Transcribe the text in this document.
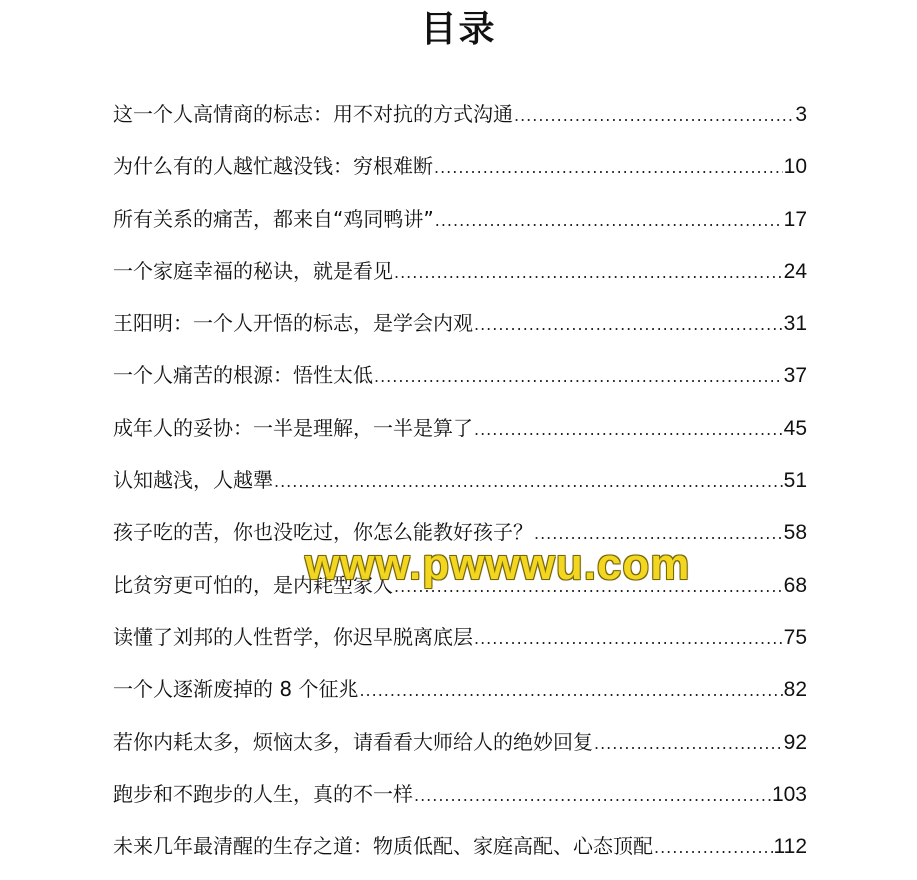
目录
这一个人高情商的标志：用不对抗的方式沟通 .....	3
为什么有的人越忙越没钱：穷根难断 .....	10
所有关系的痛苦，都来自“鸡同鸭讲” .....	17
一个家庭幸福的秘诀，就是看见 .....	24
王阳明：一个人开悟的标志，是学会内观 .....	31
一个人痛苦的根源：悟性太低 .....	37
成年人的妥协：一半是理解，一半是算了 .....	45
认知越浅，人越犟 .....	51
孩子吃的苦，你也没吃过，你怎么能教好孩子？ .....	58
比贫穷更可怕的，是内耗型家人 .....	68
读懂了刘邦的人性哲学，你迟早脱离底层 .....	75
一个人逐渐废掉的 8 个征兆 .....	82
若你内耗太多，烦恼太多，请看看大师给人的绝妙回复 .....	92
跑步和不跑步的人生，真的不一样 .....	103
未来几年最清醒的生存之道：物质低配、家庭高配、心态顶配 .....	112
www.pwwwu.com
